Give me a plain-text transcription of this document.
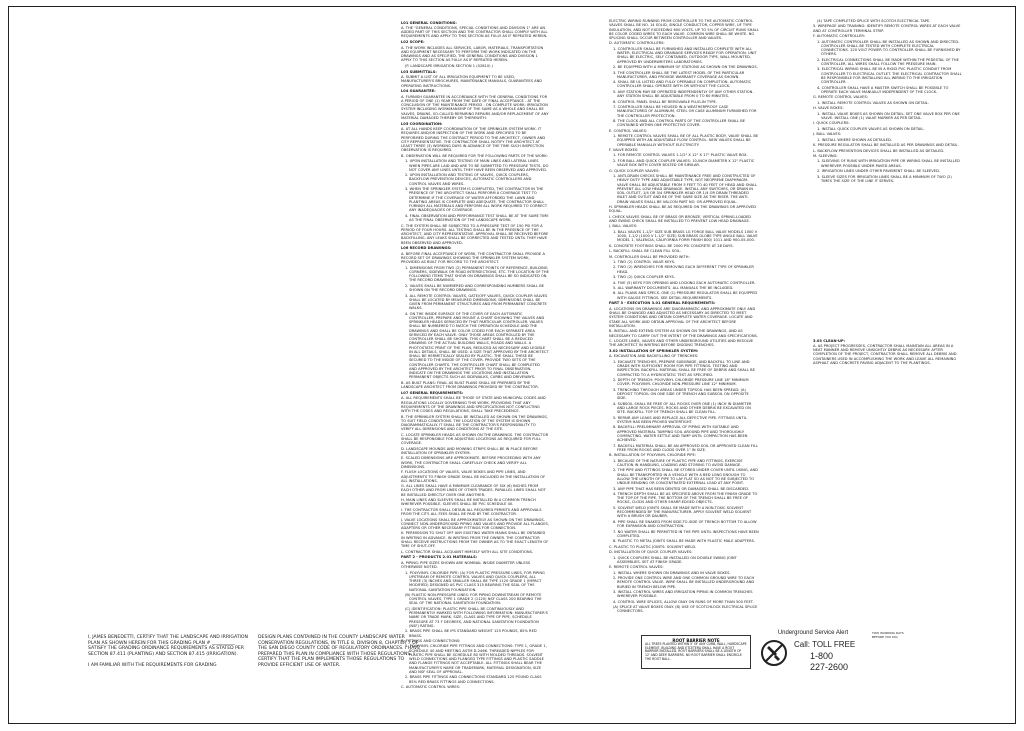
L01 GENERAL CONDITIONS:

A. THE "GENERAL CONDITIONS, SPECIAL CONDITIONS AND DIVISION 1" ARE AN ADDED PART OF THIS SECTION AND THE CONTRACTOR SHALL COMPLY WITH ALL REQUIREMENTS AND APPLY TO THIS SECTION AS FULLY AS IF REPEATED HEREIN.

L02 SCOPE:

A. THE WORK INCLUDES ALL SERVICES, LABOR, MATERIALS, TRANSPORTATION AND EQUIPMENT NECESSARY TO PERFORM THE WORK INDICATED ON THE DRAWINGS AND AS SPECIFIED. THE GENERAL CONDITIONS AND DIVISION 1 APPLY TO THIS SECTION AS FULLY AS IF REPEATED HEREIN.

(P. LANDSCAPE IRRIGATION SECTION 1 (02810) )

L03 SUBMITTALS:

A. SUBMIT A LIST OF ALL IRRIGATION EQUIPMENT TO BE USED, MANUFACTURER'S BROCHURES, MAINTENANCE MANUALS, GUARANTEES AND OPERATING INSTRUCTIONS.

L04 GUARANTEE:

A. FURNISH GUARANTEE IN ACCORDANCE WITH THE GENERAL CONDITIONS FOR A PERIOD OF ONE (1) YEAR FROM THE DATE OF FINAL ACCEPTANCE - AT THE CONCLUSION OF THE MAINTENANCE PERIOD - ON COMPLETE WORK: IRRIGATION SYSTEM INCLUDING WORKMANSHIP OF THE SAME AS A WHOLE AND SHALL BE VALVES, DRAINS, SO-CALLED REPAIRING REPAIRS AND/OR REPLACEMENT OF ANY MATERIAL DAMAGED THEREBY OR THEREWITH.

L05 COORDINATION:

A. AT ALL HANDS KEEP COORDINATION OF THE SPRINKLER SYSTEM WORK. IT REQUIRES AND/OR INSPECTION OF THE WORK AND SPECIFIED TO BE PERFORMED DURING THE CONTRACT PERIOD TO THE ARCHITECT, OWNER AND CITY REPRESENTATIVE. THE CONTRACTOR SHALL NOTIFY THE ARCHITECT AT LEAST THREE (3) WORKING DAYS IN ADVANCE OF THE TIME SUCH INSPECTION OBSERVATION IS REQUIRED.

B. OBSERVATION WILL BE REQUIRED FOR THE FOLLOWING PARTS OF THE WORK:

1. UPON INSTALLATION AND TESTING OF MAIN LINES AND LATERAL LINES WHEN PIPES ARE LAID AND ARE TO BE SUBMITTED TO PRESSURE TESTS. DO NOT COVER ANY LINES UNTIL THEY HAVE BEEN OBSERVED AND APPROVED.

2. UPON INSTALLATION AND TESTING OF VALVES, QUICK COUPLERS, BACKFLOW PREVENTION DEVICES, AUTOMATIC CONTROLLERS AND CONTROL VALVES AND WIRES.

3. WHEN THE SPRINKLER SYSTEM IS COMPLETED, THE CONTRACTOR IN THE PRESENCE OF THE ARCHITECT SHALL PERFORM A COVERAGE TEST TO DETERMINE IF THE COVERAGE OF WATER AFFORDED THE LAWN AND PLANTING AREAS IS COMPLETE AND ADEQUATE. THE CONTRACTOR SHALL FURNISH ALL MATERIALS AND PERFORM ALL WORK REQUIRED TO CORRECT ANY INADEQUACIES OF COVERAGE.

4. FINAL OBSERVATION AND PERFORMANCE TEST SHALL BE AT THE SAME TIME AS THE FINAL OBSERVATION OF THE LANDSCAPE WORK.

C. THE SYSTEM SHALL BE SUBJECTED TO A PRESSURE TEST OF 150 PSI FOR A PERIOD OF FOUR HOURS. ALL TESTING SHALL BE IN THE PRESENCE OF THE ARCHITECT, AND CITY REPRESENTATIVE. APPROVAL SHALL BE RECEIVED BEFORE BACKFILLING. ANY LEAKS SHALL BE CORRECTED AND TESTED UNTIL THEY HAVE BEEN OBSERVED AND APPROVED.

L06 RECORD DRAWINGS:

A. BEFORE FINAL ACCEPTANCE OF WORK, THE CONTRACTOR SHALL PROVIDE A RECORD SET OF DRAWINGS SHOWING THE SPRINKLER SYSTEM WORK, PROVIDED AS BUILT FOR RECORD TO THE ARCHITECT.

1. DIMENSIONS FROM TWO (2) PERMANENT POINTS OF REFERENCE, BUILDING CORNERS, SIDEWALK OR ROAD INTERSECTIONS, ETC. THE LOCATION OF THE FOLLOWING ITEMS THAT SHOW ON DRAWINGS SHALL BE SO INDICATED ON THE RECORD DRAWINGS.

2. VALVES SHALL BE NUMBERED AND CORRESPONDING NUMBERS SHALL BE SHOWN ON THE RECORD DRAWINGS.

3. ALL REMOTE CONTROL VALVES, GATE/OFF VALVES, QUICK COUPLER VALVES SHALL BE LOCATED BY MEASURED DIMENSIONS. DIMENSIONS SHALL BE GIVEN FROM PERMANENT STRUCTURES AND FROM PERMANENT CONCRETE WALKS.

4. ON THE INSIDE SURFACE OF THE COVER OF EACH AUTOMATIC CONTROLLER, PREPARE AND MOUNT A CHART SHOWING THE VALVES AND SPRINKLER HEADS SERVICED BY THAT PARTICULAR CONTROLLER. VALVES SHALL BE NUMBERED TO MATCH THE OPERATION SCHEDULE AND THE DRAWINGS AND SHALL BE COLOR CODED FOR EACH SEPARATE AREA SERVICED BY EACH VALVE. ONLY THOSE AREAS CONTROLLED BY THE CONTROLLER SHALL BE SHOWN. THIS CHART SHALL BE A REDUCED DRAWING OF THE ACTUAL BUILDING WALLS, ROADS AND WALLS. A PHOTOSTATIC PRINT OF THE PLAN, REDUCED AS NECESSARY AND LEGIBLE IN ALL DETAILS, SHALL BE USED. A SIZE THAT APPROVED BY THE ARCHITECT SHALL BE HERMETICALLY SEALED BY PLASTIC. THE SHALL THESE BE SECURED TO THE INSIDE OF THE COVER. PROVIDE TWO SETS OF THE CONTROLLER CHARTS. THE CONTROLLER CHART SHALL BE COMPLETED AND APPROVED BY THE ARCHITECT PRIOR TO FINAL OBSERVATION. INDICATE ON THE DRAWINGS THE LOCATIONS AND INSTALLATION PERMANENT OBJECTS SUCH AS SIDEWALKS, CURBS AND DRIVEWAYS.

B. AS BUILT PLANS: FINAL AS BUILT PLANS SHALL BE PREPARED BY THE LANDSCAPE ARCHITECT FROM DRAWINGS PROVIDED BY THE CONTRACTOR.

L07 GENERAL REQUIREMENTS:

A. ALL REQUIREMENTS SHALL BE THOSE OF STATE AND MUNICIPAL CODES AND REGULATIONS LOCALLY GOVERNING THIS WORK, PROVIDING THAT ANY REQUIREMENTS OF THE DRAWINGS AND SPECIFICATIONS NOT CONFLICTING WITH THE CODES AND REGULATIONS, SHALL TAKE PRECEDENCE.

B. THE SPRINKLER SYSTEM SHALL BE INSTALLED AS SHOWN ON THE DRAWINGS, TO SUIT FIELD CONDITIONS. THE LOCATION OF THE SYSTEM IS SHOWN DIAGRAMMATICALLY. IT SHALL BE THE CONTRACTOR'S RESPONSIBILITY TO VERIFY ALL DIMENSIONS AND CONDITIONS AT THE SITE.

C. LOCATE SPRINKLER HEADS AS SHOWN ON THE DRAWINGS. THE CONTRACTOR SHALL BE RESPONSIBLE FOR ADJUSTING LOCATIONS AS REQUIRED FOR FULL COVERAGE.

D. LANDSCAPE MOUNDS AND MOWING STRIPS SHALL BE IN PLACE BEFORE INSTALLATION OF SPRINKLER SYSTEM.

E. SCALED DIMENSIONS ARE APPROXIMATE. BEFORE PROCEEDING WITH ANY WORK, THE CONTRACTOR SHALL CAREFULLY CHECK AND VERIFY ALL DIMENSIONS.

F. FLUSH LOCATIONS OF VALVES, VALVE BOXES AND PIPE LINES, AND ADJUSTMENTS TO FINISH GRADE SHALL BE INCLUDED IN THE INSTALLATION OF ALL INSTALLATIONS.

G. ALL LINES SHALL HAVE A MINIMUM CLEARANCE OF SIX (6) INCHES FROM EACH OTHER AND FROM LINES OF OTHER TRADES. PARALLEL LINES SHALL NOT BE INSTALLED DIRECTLY OVER ONE ANOTHER.

H. MAIN LINES AND SLEEVES SHALL BE INSTALLED IN A COMMON TRENCH WHEREVER POSSIBLE, SLEEVES SHALL BE PVC SCHEDULE 40.

I. THE CONTRACTOR SHALL OBTAIN ALL REQUIRED PERMITS AND APPROVALS FROM THE CITY. ALL FEES SHALL BE PAID BY THE CONTRACTOR.

J. VALVE LOCATIONS SHALL BE APPROXIMATELY AS SHOWN ON THE DRAWINGS. CONNECT NON-UNDERGROUND PIPING AND VALVES AND PROVIDE ALL FLANGES, ADAPTERS OR OTHER NECESSARY FITTINGS FOR CONNECTION.

K. PERMISSION TO SHUT OFF ANY EXISTING WATER MAINS SHALL BE OBTAINED IN WRITING IN ADVANCE. IN WRITING FROM THE OWNER. THE CONTRACTOR SHALL RECEIVE INSTRUCTIONS FROM THE OWNER AS TO THE EXACT LENGTH OF TIME OF SHUT-OFF.

L. CONTRACTOR SHALL ACQUAINT HIMSELF WITH ALL SITE CONDITIONS.

PART 2 - PRODUCTS 2.01 MATERIALS:

A. PIPING: PIPE SIZES SHOWN ARE NOMINAL INSIDE DIAMETER UNLESS OTHERWISE NOTED.

1. POLYVINYL CHLORIDE PIPE: (A) FOR PLASTIC PRESSURE LINES, FOR PIPING UPSTREAM OF REMOTE CONTROL VALVES AND QUICK COUPLERS, ALL THREE (3) INCHES AND SMALLER SHALL BE TYPE 1120 GRADE 1 (IMPACT MODIFIED) DESIGNED AS PVC CLASS 315 BEARING THE SEAL OF THE NATIONAL SANITATION FOUNDATION.

(B) PLASTIC NON-PRESSURE LINES: FOR PIPING DOWNSTREAM OF REMOTE CONTROL VALVES, TYPE 1 GRADE 2 (1120) NSF CLASS 200 BEARING THE SEAL OF THE NATIONAL SANITATION FOUNDATION.

(C) IDENTIFICATION: PLASTIC PIPE SHALL BE CONTINUOUSLY AND PERMANENTLY MARKED WITH FOLLOWING INFORMATION: MANUFACTURER'S NAME OR TRADE MARK, SIZE, CLASS AND TYPE OF PIPE, SCHEDULE PRESSURE AT 73 F DEGREES, AND NATIONAL SANITATION FOUNDATION (NSF) RATING.

2. BRASS PIPE SHALL BE IPS STANDARD WEIGHT 125 POUNDS, 85% RED BRASS.

B. FITTINGS AND CONNECTIONS:

1. POLYVINYL CHLORIDE PIPE FITTINGS AND CONNECTIONS: TYPE 1, GRADE 1, SCHEDULE 40 AND MEETING ASTM D-2466. THREADED NIPPLES FOR PLASTIC PIPE SHALL BE SCHEDULE 80 WITH MOLDED THREADS. SOLVENT WELD CONNECTIONS AND FLANGED TYPE FITTINGS AND PLASTIC SADDLE AND FLANGE FITTINGS NOT ACCEPTABLE. ALL FITTINGS SHALL BEAR THE MANUFACTURER'S NAME OR TRADEMARK, MATERIAL DESIGNATION, SIZE AND NSF SEAL OF APPROVAL.

2. BRASS PIPE FITTINGS AND CONNECTIONS STANDARD 125 POUND CLASS 85% RED BRASS FITTINGS AND CONNECTIONS.

C. AUTOMATIC CONTROL WIRES:

ELECTRIC WIRING RUNNING FROM CONTROLLER TO THE AUTOMATIC CONTROL VALVES SHALL BE NO. 14 SOLID, SINGLE CONDUCTOR, COPPER WIRE, UF TYPE INSULATION, AND NOT EXCEEDING 600 VOLTS. UP TO 5% OF CIRCUIT RUNS SHALL BE COLOR CODED WIRES TO EACH VALVE. COMMON WIRE SHALL BE WHITE. NO SPLICING SHALL OCCUR BETWEEN CONTROLLER AND VALVES.

D. AUTOMATIC CONTROLLERS:

1. CONTROLLER SHALL BE FURNISHED AND INSTALLED COMPLETE WITH ALL WATER, ELECTRICAL AND DRAINAGE SERVICES READY FOR OPERATION. UNIT SHALL BE ELECTRIC, SELF CONTAINED, OUTDOOR TYPE, WALL MOUNTED, APPROVED BY UNDERWRITERS LABORATORIES.

2. BE EQUIPPED WITH A MINIMUM OF STATIONS AS SHOWN ON THE DRAWINGS.

3. THE CONTROLLER SHALL BE THE LATEST MODEL OF THE PARTICULAR MANUFACTURER, AND PROVIDE WARRANTY COVERAGE AS SHOWN.

4. SHALL BE UL LISTED AND FULLY OPERABLE ON COMPLETION. AUTOMATIC CONTROLLER SHALL OPERATE WITH OR WITHOUT THE CLOCK.

5. ANY STATION MAY BE OPERATED INDEPENDENTLY OF ANY OTHER STATION. ANY STATION SHALL BE ADJUSTABLE FROM 0 TO 60 MINUTES.

6. CONTROL PANEL SHALL BE REMOVABLE PLUG-IN TYPE.

7. CONTROLLER SHALL BE HOUSED IN A WEATHERPROOF CASE MANUFACTURED OF ALUMINUM, STEEL OR CASE ALUMINUM FURNISHED FOR THE CONTROLLER PROTECTION.

8. THE CLOCK AND ALL CONTROL PARTS OF THE CONTROLLER SHALL BE CONTAINED WITHIN ONE PROTECTIVE COVER.

E. CONTROL VALVES:

1. REMOTE CONTROL VALVES SHALL BE OF ALL PLASTIC BODY, VALVE SHALL BE EQUIPPED WITH AN ADJUSTABLE FLOW CONTROL. NEW VALVES SHALL BE OPERABLE MANUALLY WITHOUT ELECTRICITY.

F. VALVE BOXES:

1. FOR REMOTE CONTROL VALVES 1-1/2" X 12" X 17" PLASTIC VALVE BOX.

2. FOR BALL AND QUICK COUPLER VALVES: 10-INCH DIAMETER X 12" PLASTIC VALVE BOX WITH COVER BOLTED OR SIMILAR.

G. QUICK COUPLER VALVES:

1. ANTI-DRAIN CHECKS SHALL BE MAINTENANCE FREE AND CONSTRUCTED OF HEAVY DUTY TYPE AND ADJUSTABLE TYPE, NOT NEOPRENE DIAPHRAGM. VALVE SHALL BE ADJUSTABLE FROM 5 FEET TO 40 FEET OF HEAD AND SHALL PREVENT ALL LOW HEAD DRAINAGE. INSTALL ANY SWITCHES, OR DRAIN IN SOIL OUTLET, 1/4 OR 3/4 SPRINKLER HEAD OR 1/4 OR DRAIN THREADED INLET AND OUTLET AND BE OF THE SAME SIZE AS THE RISER. THE ANTI-DRAIN VALVES SHALL BE VALCON PART NO. OR APPROVED EQUAL.

H. SPRINKLER HEADS SHALL BE AS REQUIRED ON THE DRAWINGS OR APPROVED EQUAL.

I. CHECK VALVES SHALL BE OF BRASS OR BRONZE, VERTICAL SPRING-LOADED AND SWING CHECK SHALL BE INSTALLED TO PREVENT LOW HEAD DRAINAGE.

J. BALL VALVES:

1. BALL VALVES 1-1/2" SIZE SUB BRASS LG FORGE BALL VALVE MODELS 1000 V 1000, 1-1/2 (1000 V 1-1/2" SIZE) SUB BRASS GLOBE TYPE ANGLE BALL VALVE MODEL 1, VALENCIA, CALIFORNIA FORM FINISH 800/ 1011 AND 900-05-000.

K. CONCRETE FOOTINGS SHALL BE 2000 PSI CONCRETE AT 28 DAYS.

L. BACKFILL SHALL BE CLEAN FILL SOIL.

M. CONTROLLER SHALL BE PROVIDED WITH:

1. TWO (2) CONTROL VALVE KEYS.

2. TWO (2) WRENCHES FOR REMOVING EACH DIFFERENT TYPE OF SPRINKLER HEAD.

3. TWO (2) QUICK COUPLER KEYS.

4. FIVE (5) KEYS FOR OPENING AND LOCKING EACH AUTOMATIC CONTROLLER.

5. ALL WARRANTY DOCUMENTS. ALL MANUALS THE BE INCLUDED.

6. ALL PLANS AND SPECS. ONE (1) PRESSURE REGULATOR SHALL BE EQUIPPED WITH GAUGE FITTINGS. SEE DETAIL REQUIREMENTS.

PART 3 - EXECUTION 3.01 GENERAL REQUIREMENTS:

A. LOCATIONS ON DRAWINGS ARE DIAGRAMMATIC AND APPROXIMATE ONLY AND SHALL BE CHANGED AND ADJUSTED AS NECESSARY AS DIRECTED TO MEET SYSTEM CONDITIONS AND OBTAIN COMPLETE WATER COVERAGE. LOCATE AND STAKE ALL WORK AND OBTAIN APPROVAL OF THE ARCHITECT BEFORE INSTALLATION.

B. INSTALL AND EXTEND SYSTEM AS SHOWN ON THE DRAWINGS, AND AS NECESSARY TO CARRY OUT THE INTENT OF THE DRAWINGS AND SPECIFICATIONS.

C. LOCATE LINES, VALVES AND OTHER UNDERGROUND UTILITIES AND RESOLVE THE ARCHITECT IN WRITING BEFORE DIGGING TRENCHES.

3.02 INSTALLATION OF SPRINKLER SYSTEM:

A. EXCAVATION AND BACKFILLING OF TRENCHES:

1. EXCAVATE TRENCHES, PREPARE SUBGRADE, AND BACKFILL TO LINE AND GRADE WITH SUFFICIENT ROOM FOR PIPE FITTINGS. TESTING AND INSPECTION. BACKFILL MATERIAL SHALL BE FREE OF DEBRIS AND SHALL BE COMPACTED TO A HYDROSTATIC TEST AS SPECIFIED.

2. DEPTH OF TRENCH: POLYVINYL CHLORIDE PRESSURE LINE 18" MINIMUM COVER. POLYVINYL CHLORIDE NON-PRESSURE LINE 12" MINIMUM.

3. TRENCHING THROUGH AREAS UNDER TOPSOIL HAS BEEN SPREAD: (A) DEPOSIT TOPSOIL ON ONE SIDE OF TRENCH AND SUBSOIL ON OPPOSITE SIDE.

4. SUBSOIL SHALL BE FREE OF ALL ROCKS OVER ONE (1) INCH IN DIAMETER AND LARGE ROCK PIECES. ROCKS AND OTHER DEBRIS BE EXCAVATED ON SITE. BACKFILL TOP OF TRENCH SHALL BE CLEAN FILL.

5. REPAIR ANY LEAKS AND REPLACE ALL DEFECTIVE PIPE. FITTINGS UNTIL SYSTEM HAS BEEN PROVED WATERTIGHT.

6. BACKFILL: PRELIMINARY APPROVAL OF PIPING WITH SUITABLE AND APPROVED MATERIAL TAMPING SOIL AROUND PIPE AND THOROUGHLY COMPACTING. WATER SETTLE AND TAMP UNTIL COMPACTION HAS BEEN ACHIEVED.

7. BACKFILL MATERIAL SHALL BE AN APPROVED SOIL OR APPROVED CLEAN FILL FREE FROM ROCKS AND CLODS OVER 1" IN SIZE.

B. INSTALLATION OF POLYVINYL CHLORIDE PIPE:

1. BECAUSE OF THE NATURE OF PLASTIC PIPE AND FITTINGS, EXERCISE CAUTION IN HANDLING, LOADING AND STORING TO AVOID DAMAGE.

2. THE PIPE AND FITTINGS SHALL BE STORED UNDER COVER UNTIL USING, AND SHALL BE TRANSPORTED IN A VEHICLE WITH A BED LONG ENOUGH TO ALLOW THE LENGTH OF PIPE TO LAY FLAT SO AS NOT TO BE SUBJECTED TO UNDUE BENDING OR CONCENTRATED EXTERNAL LOAD AT ANY POINT.

3. ANY PIPE THAT HAS BEEN DENTED OR DAMAGED SHALL BE DISCARDED.

4. TRENCH DEPTH SHALL BE AS SPECIFIED ABOVE FROM THE FINISH GRADE TO THE TOP OF THE PIPE. THE BOTTOM OF THE TRENCH SHALL BE FREE OF ROCKS, CLODS AND OTHER SHARP-EDGED OBJECTS.

5. SOLVENT WELD JOINTS SHALL BE MADE WITH A NON-TOXIC SOLVENT RECOMMENDED BY THE MANUFACTURER. APPLY SOLVENT WELD SOLVENT WITH A BRUSH OR DAUBER.

6. PIPE SHALL BE SNAKED FROM SIDE-TO-SIDE OF TRENCH BOTTOM TO ALLOW FOR EXPANSION AND CONTRACTION.

7. NO WATER SHALL BE PERMITTED IN THE PIPE UNTIL INSPECTIONS HAVE BEEN COMPLETED.

8. PLASTIC TO METAL JOINTS SHALL BE MADE WITH PLASTIC MALE ADAPTERS.

C. PLASTIC TO PLASTIC JOINTS: SOLVENT WELD.

D. INSTALLATION OF QUICK COUPLER VALVES:

1. QUICK COUPLERS SHALL BE INSTALLED ON DOUBLE SWING JOINT ASSEMBLIES. SET AT FINISH GRADE.

E. REMOTE CONTROL VALVES:

1. INSTALL WHERE SHOWN ON DRAWINGS AND IN VALVE BOXES.

2. PROVIDE ONE CONTROL WIRE AND ONE COMMON GROUND WIRE TO EACH REMOTE CONTROL VALVE. WIRE SHALL BE INSTALLED UNDERGROUND AND BURIED IN TRENCH BELOW PIPE.

3. INSTALL CONTROL WIRES AND IRRIGATION PIPING IN COMMON TRENCHES WHEREVER POSSIBLE.

4. CONTROL WIRE SPLICES, ALLOW ONLY ON RUNS OF MORE THAN 500 FEET.

(A) SPLICE AT VALVE BOXES ONLY. (B) USE OF SCOTCHLOCK ELECTRICAL SPLICE CONNECTORS.

(4) TAPE COMPLETED SPLICE WITH SCOTCH ELECTRICAL TAPE.

5. WIREPAGE AND TRAINING: IDENTIFY REMOTE CONTROL WIRES AT EACH VALVE AND AT CONTROLLER TERMINAL STRIP.

F. AUTOMATIC CONTROLLER:

1. AUTOMATIC CONTROLLER SHALL BE INSTALLED AS SHOWN AND DIRECTED. CONTROLLER SHALL BE TESTED WITH COMPLETE ELECTRICAL CONNECTIONS. 120 VOLT POWER TO CONTROLLER SHALL BE FURNISHED BY OTHERS.

2. ELECTRICAL CONNECTIONS SHALL BE MADE WITHIN THE PEDESTAL OF THE CONTROLLER. ALL WIRES SHALL FOLLOW THE PRESSURE MAIN.

3. ELECTRICAL WIRING SHALL BE IN A RIGID PVC PLASTIC CONDUIT FROM CONTROLLER TO ELECTRICAL OUTLET. THE ELECTRICAL CONTRACTOR SHALL BE RESPONSIBLE FOR INSTALLING ALL WIRING TO THE IRRIGATION CONTROLLER.

4. CONTROLLER SHALL HAVE A MASTER SWITCH SHALL BE POSSIBLE TO OPERATE EACH VALVE MANUALLY INDEPENDENT OF THE CLOCK.

G. REMOTE CONTROL VALVES:

1. INSTALL REMOTE CONTROL VALVES AS SHOWN ON DETAIL.

H. VALVE BOXES:

1. INSTALL VALVE BOXES AS SHOWN ON DETAIL. SET ONE VALVE BOX PER ONE VALVE. INSTALL ONE (1) VALVE MARKER AS PER DETAIL.

I. QUICK COUPLERS:

1. INSTALL QUICK COUPLER VALVES AS SHOWN ON DETAIL.

J. BALL VALVES:

1. INSTALL WHERE SHOWN AS DETAILED.

K. PRESSURE REGULATOR SHALL BE INSTALLED AS PER DRAWINGS AND DETAIL.

L. BACKFLOW PREVENTION DEVICES SHALL BE INSTALLED AS DETAILED.

M. SLEEVING:

1. SLEEVING OF RUNS WITH IRRIGATION PIPE OR WIRING SHALL BE INSTALLED WHEREVER POSSIBLE UNDER PAVED AREAS.

2. IRRIGATION LINES UNDER OTHER PAVEMENT SHALL BE SLEEVED.

3. SLEEVE SIZES FOR IRRIGATION LINES SHALL BE A MINIMUM OF TWO (2) TIMES THE SIZE OF THE LINE IT SERVES.

3.03 CLEAN-UP:

A. AS PROJECT PROGRESSES, CONTRACTOR SHALL MAINTAIN ALL AREAS IN A NEAT MANNER AND REMOVE UNSIGHTLY DEBRIS AS NECESSARY. AFTER COMPLETION OF THE PROJECT, CONTRACTOR SHALL REMOVE ALL DEBRIS AND CONTAINERS USED IN ACCOMPLISHING THE WORK AND LEAVE ALL REMAINING ASPHALT AND CONCRETE PAVING ADJACENT TO THE PLANTINGS.

I, JAMES BENEDETTI, CERTIFY THAT THE LANDSCAPE AND IRRIGATION PLAN AS SHOWN HEREIN FOR THIS GRADING PLAN # __________ SATISFY THE GRADING ORDINANCE REQUIREMENTS AS STATED PER SECTION 87.411 (PLANTING) AND SECTION 87.415 (IRRIGATION).
I AM FAMILIAR WITH THE REQUIREMENTS FOR GRADING
DESIGN PLANS CONTAINED IN THE COUNTY LANDSCAPE WATER CONSERVATION REGULATIONS, IN TITLE 8, DIVISION 8, CHAPTER 7 OF THE SAN DIEGO COUNTY CODE OF REGULATORY ORDINANCES. I HAVE PREPARED THIS PLAN IN COMPLIANCE WITH THOSE REGULATIONS. I CERTIFY THAT THE PLAN IMPLEMENTS THOSE REGULATIONS TO PROVIDE EFFICIENT USE OF WATER.
ROOT BARRIER NOTE
ALL TREES PLANTED WITHIN 5' OF ANY CURB, WALL, HARDSCAPE ELEMENT, BUILDING AND ETCETERA SHALL HAVE A ROOT BARRIER INSTALLED. ROOT BARRIERS SHALL BE A LENGTH OF 12' AND DEEP. BARRIERS. NO ROOT BARRIER SHALL ENCIRCLE THE ROOT BALL.
Underground Service Alert
Call: TOLL FREE
1-800
227-2600
TWO WORKING DAYS BEFORE YOU DIG
